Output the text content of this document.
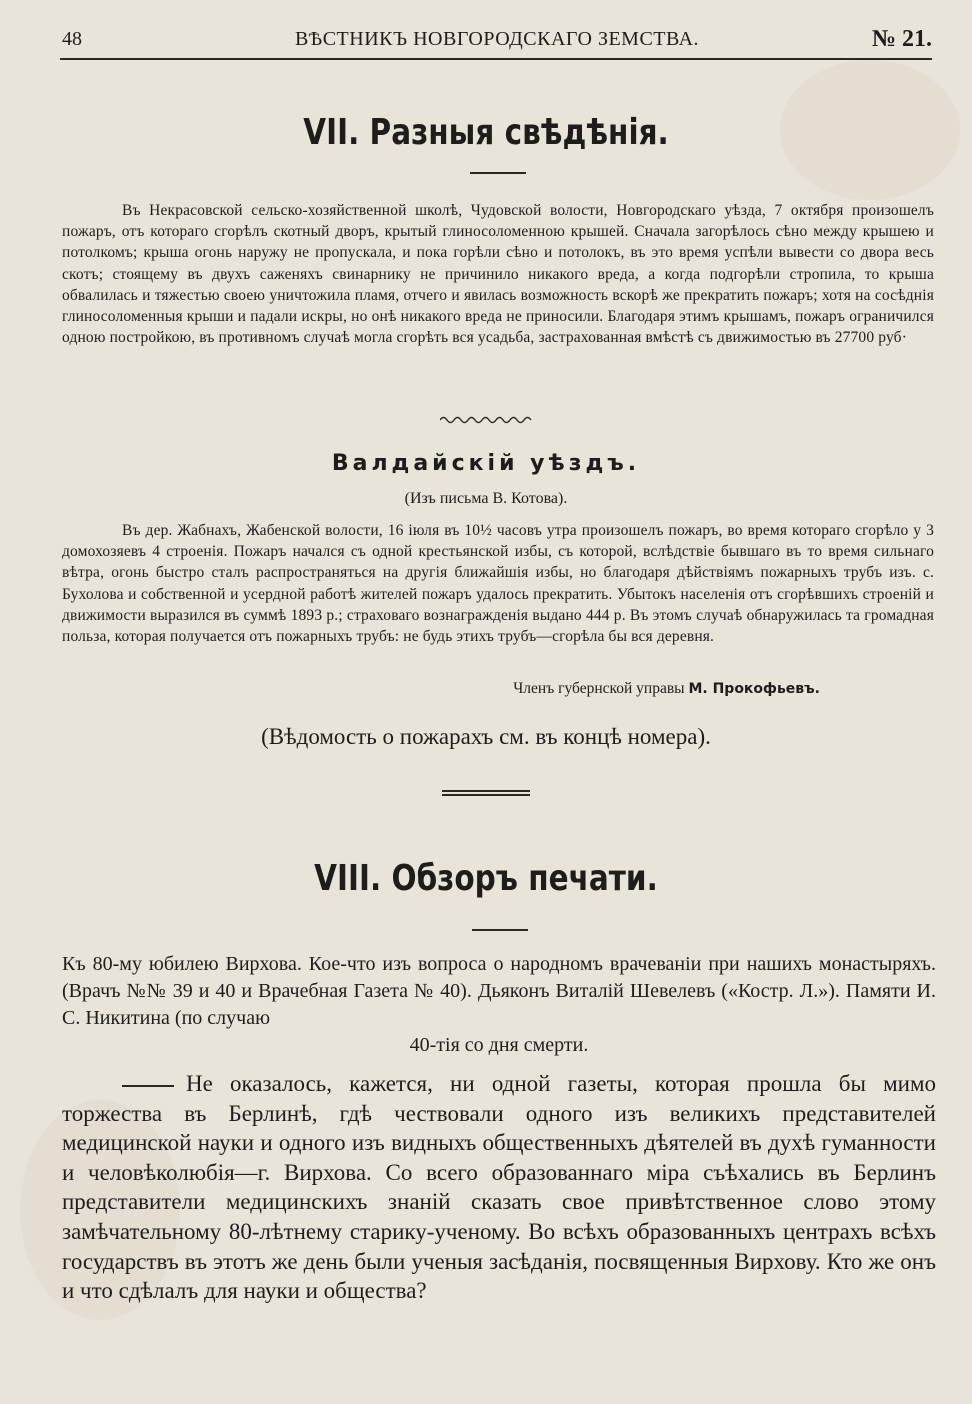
48	ВѢСТНИКЪ НОВГОРОДСКАГО ЗЕМСТВА.	№ 21.
VII. Разныя свѣдѣнія.

Въ Некрасовской сельско-хозяйственной школѣ, Чудовской волости, Новгородскаго уѣзда, 7 октября произошелъ пожаръ, отъ котораго сгорѣлъ скотный дворъ, крытый глиносоломенною крышей. Сначала загорѣлось сѣно между крышею и потолкомъ; крыша огонь наружу не пропускала, и пока горѣли сѣно и потолокъ, въ это время успѣли вывести со двора весь скотъ; стоящему въ двухъ саженяхъ свинарнику не причинило никакого вреда, а когда подгорѣли стропила, то крыша обвалилась и тяжестью своею уничтожила пламя, отчего и явилась возможность вскорѣ же прекратить пожаръ; хотя на сосѣднія глиносоломенныя крыши и падали искры, но онѣ никакого вреда не приносили. Благодаря этимъ крышамъ, пожаръ ограничился одною постройкою, въ противномъ случаѣ могла сгорѣть вся усадьба, застрахованная вмѣстѣ съ движимостью въ 27700 руб·

Валдайскій уѣздъ.
(Изъ письма В. Котова).

Въ дер. Жабнахъ, Жабенской волости, 16 іюля въ 10½ часовъ утра произошелъ пожаръ, во время котораго сгорѣло у 3 домохозяевъ 4 строенія. Пожаръ начался съ одной крестьянской избы, съ которой, вслѣдствіе бывшаго въ то время сильнаго вѣтра, огонь быстро сталъ распространяться на другія ближайшія избы, но благодаря дѣйствіямъ пожарныхъ трубъ изъ. с. Бухолова и собственной и усердной работѣ жителей пожаръ удалось прекратить. Убытокъ населенія отъ сгорѣвшихъ строеній и движимости выразился въ суммѣ 1893 р.; страховаго вознагражденія выдано 444 р. Въ этомъ случаѣ обнаружилась та громадная польза, которая получается отъ пожарныхъ трубъ: не будь этихъ трубъ—сгорѣла бы вся деревня.

Членъ губернской управы М. Прокофьевъ.
(Вѣдомость о пожарахъ см. въ концѣ номера).
VIII. Обзоръ печати.

Къ 80-му юбилею Вирхова. Кое-что изъ вопроса о народномъ врачеваніи при нашихъ монастыряхъ. (Врачъ №№ 39 и 40 и Врачебная Газета № 40). Дьяконъ Виталій Шевелевъ («Костр. Л.»). Памяти И. С. Никитина (по случаю
40-тія со дня смерти.

Не оказалось, кажется, ни одной газеты, которая прошла бы мимо торжества въ Берлинѣ, гдѣ чествовали одного изъ великихъ представителей медицинской науки и одного изъ видныхъ общественныхъ дѣятелей въ духѣ гуманности и человѣколюбія—г. Вирхова. Со всего образованнаго міра съѣхались въ Берлинъ представители медицинскихъ знаній сказать свое привѣтственное слово этому замѣчательному 80-лѣтнему старику-ученому. Во всѣхъ образованныхъ центрахъ всѣхъ государствъ въ этотъ же день были ученыя засѣданія, посвященныя Вирхову. Кто же онъ и что сдѣлалъ для науки и общества?
